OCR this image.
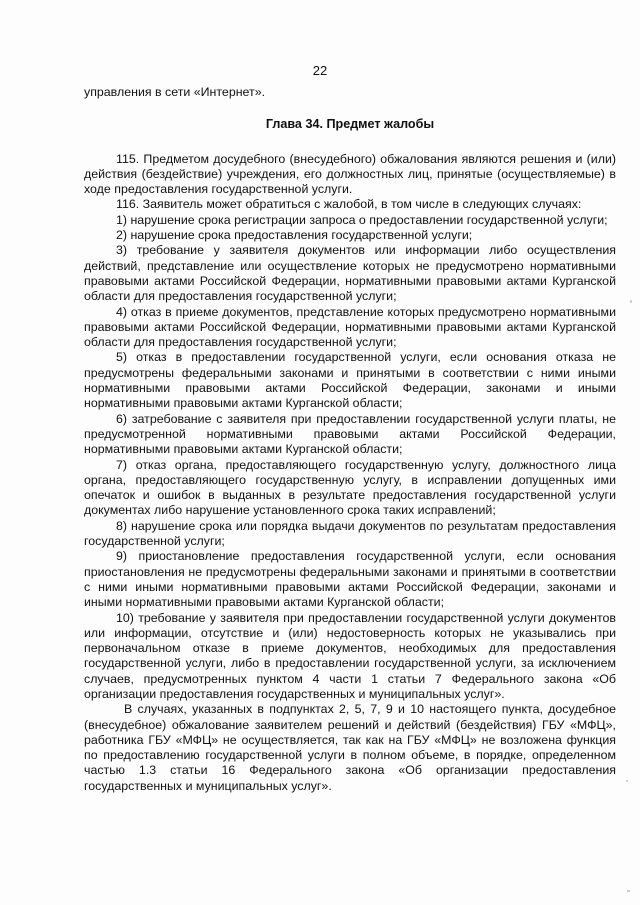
22

управления в сети «Интернет».

Глава 34. Предмет жалобы

115. Предметом досудебного (внесудебного) обжалования являются решения и (или) действия (бездействие) учреждения, его должностных лиц, принятые (осуществляемые) в ходе предоставления государственной услуги.

116. Заявитель может обратиться с жалобой, в том числе в следующих случаях:

1) нарушение срока регистрации запроса о предоставлении государственной услуги;
2) нарушение срока предоставления государственной услуги;
3) требование у заявителя документов или информации либо осуществления действий, представление или осуществление которых не предусмотрено нормативными правовыми актами Российской Федерации, нормативными правовыми актами Курганской области для предоставления государственной услуги;
4) отказ в приеме документов, представление которых предусмотрено нормативными правовыми актами Российской Федерации, нормативными правовыми актами Курганской области для предоставления государственной услуги;
5) отказ в предоставлении государственной услуги, если основания отказа не предусмотрены федеральными законами и принятыми в соответствии с ними иными нормативными правовыми актами Российской Федерации, законами и иными нормативными правовыми актами Курганской области;
6) затребование с заявителя при предоставлении государственной услуги платы, не предусмотренной нормативными правовыми актами Российской Федерации, нормативными правовыми актами Курганской области;
7) отказ органа, предоставляющего государственную услугу, должностного лица органа, предоставляющего государственную услугу, в исправлении допущенных ими опечаток и ошибок в выданных в результате предоставления государственной услуги документах либо нарушение установленного срока таких исправлений;
8) нарушение срока или порядка выдачи документов по результатам предоставления государственной услуги;
9) приостановление предоставления государственной услуги, если основания приостановления не предусмотрены федеральными законами и принятыми в соответствии с ними иными нормативными правовыми актами Российской Федерации, законами и иными нормативными правовыми актами Курганской области;
10) требование у заявителя при предоставлении государственной услуги документов или информации, отсутствие и (или) недостоверность которых не указывались при первоначальном отказе в приеме документов, необходимых для предоставления государственной услуги, либо в предоставлении государственной услуги, за исключением случаев, предусмотренных пунктом 4 части 1 статьи 7 Федерального закона «Об организации предоставления государственных и муниципальных услуг».

В случаях, указанных в подпунктах 2, 5, 7, 9 и 10 настоящего пункта, досудебное (внесудебное) обжалование заявителем решений и действий (бездействия) ГБУ «МФЦ», работника ГБУ «МФЦ» не осуществляется, так как на ГБУ «МФЦ» не возложена функция по предоставлению государственной услуги в полном объеме, в порядке, определенном частью 1.3 статьи 16 Федерального закона «Об организации предоставления государственных и муниципальных услуг».
